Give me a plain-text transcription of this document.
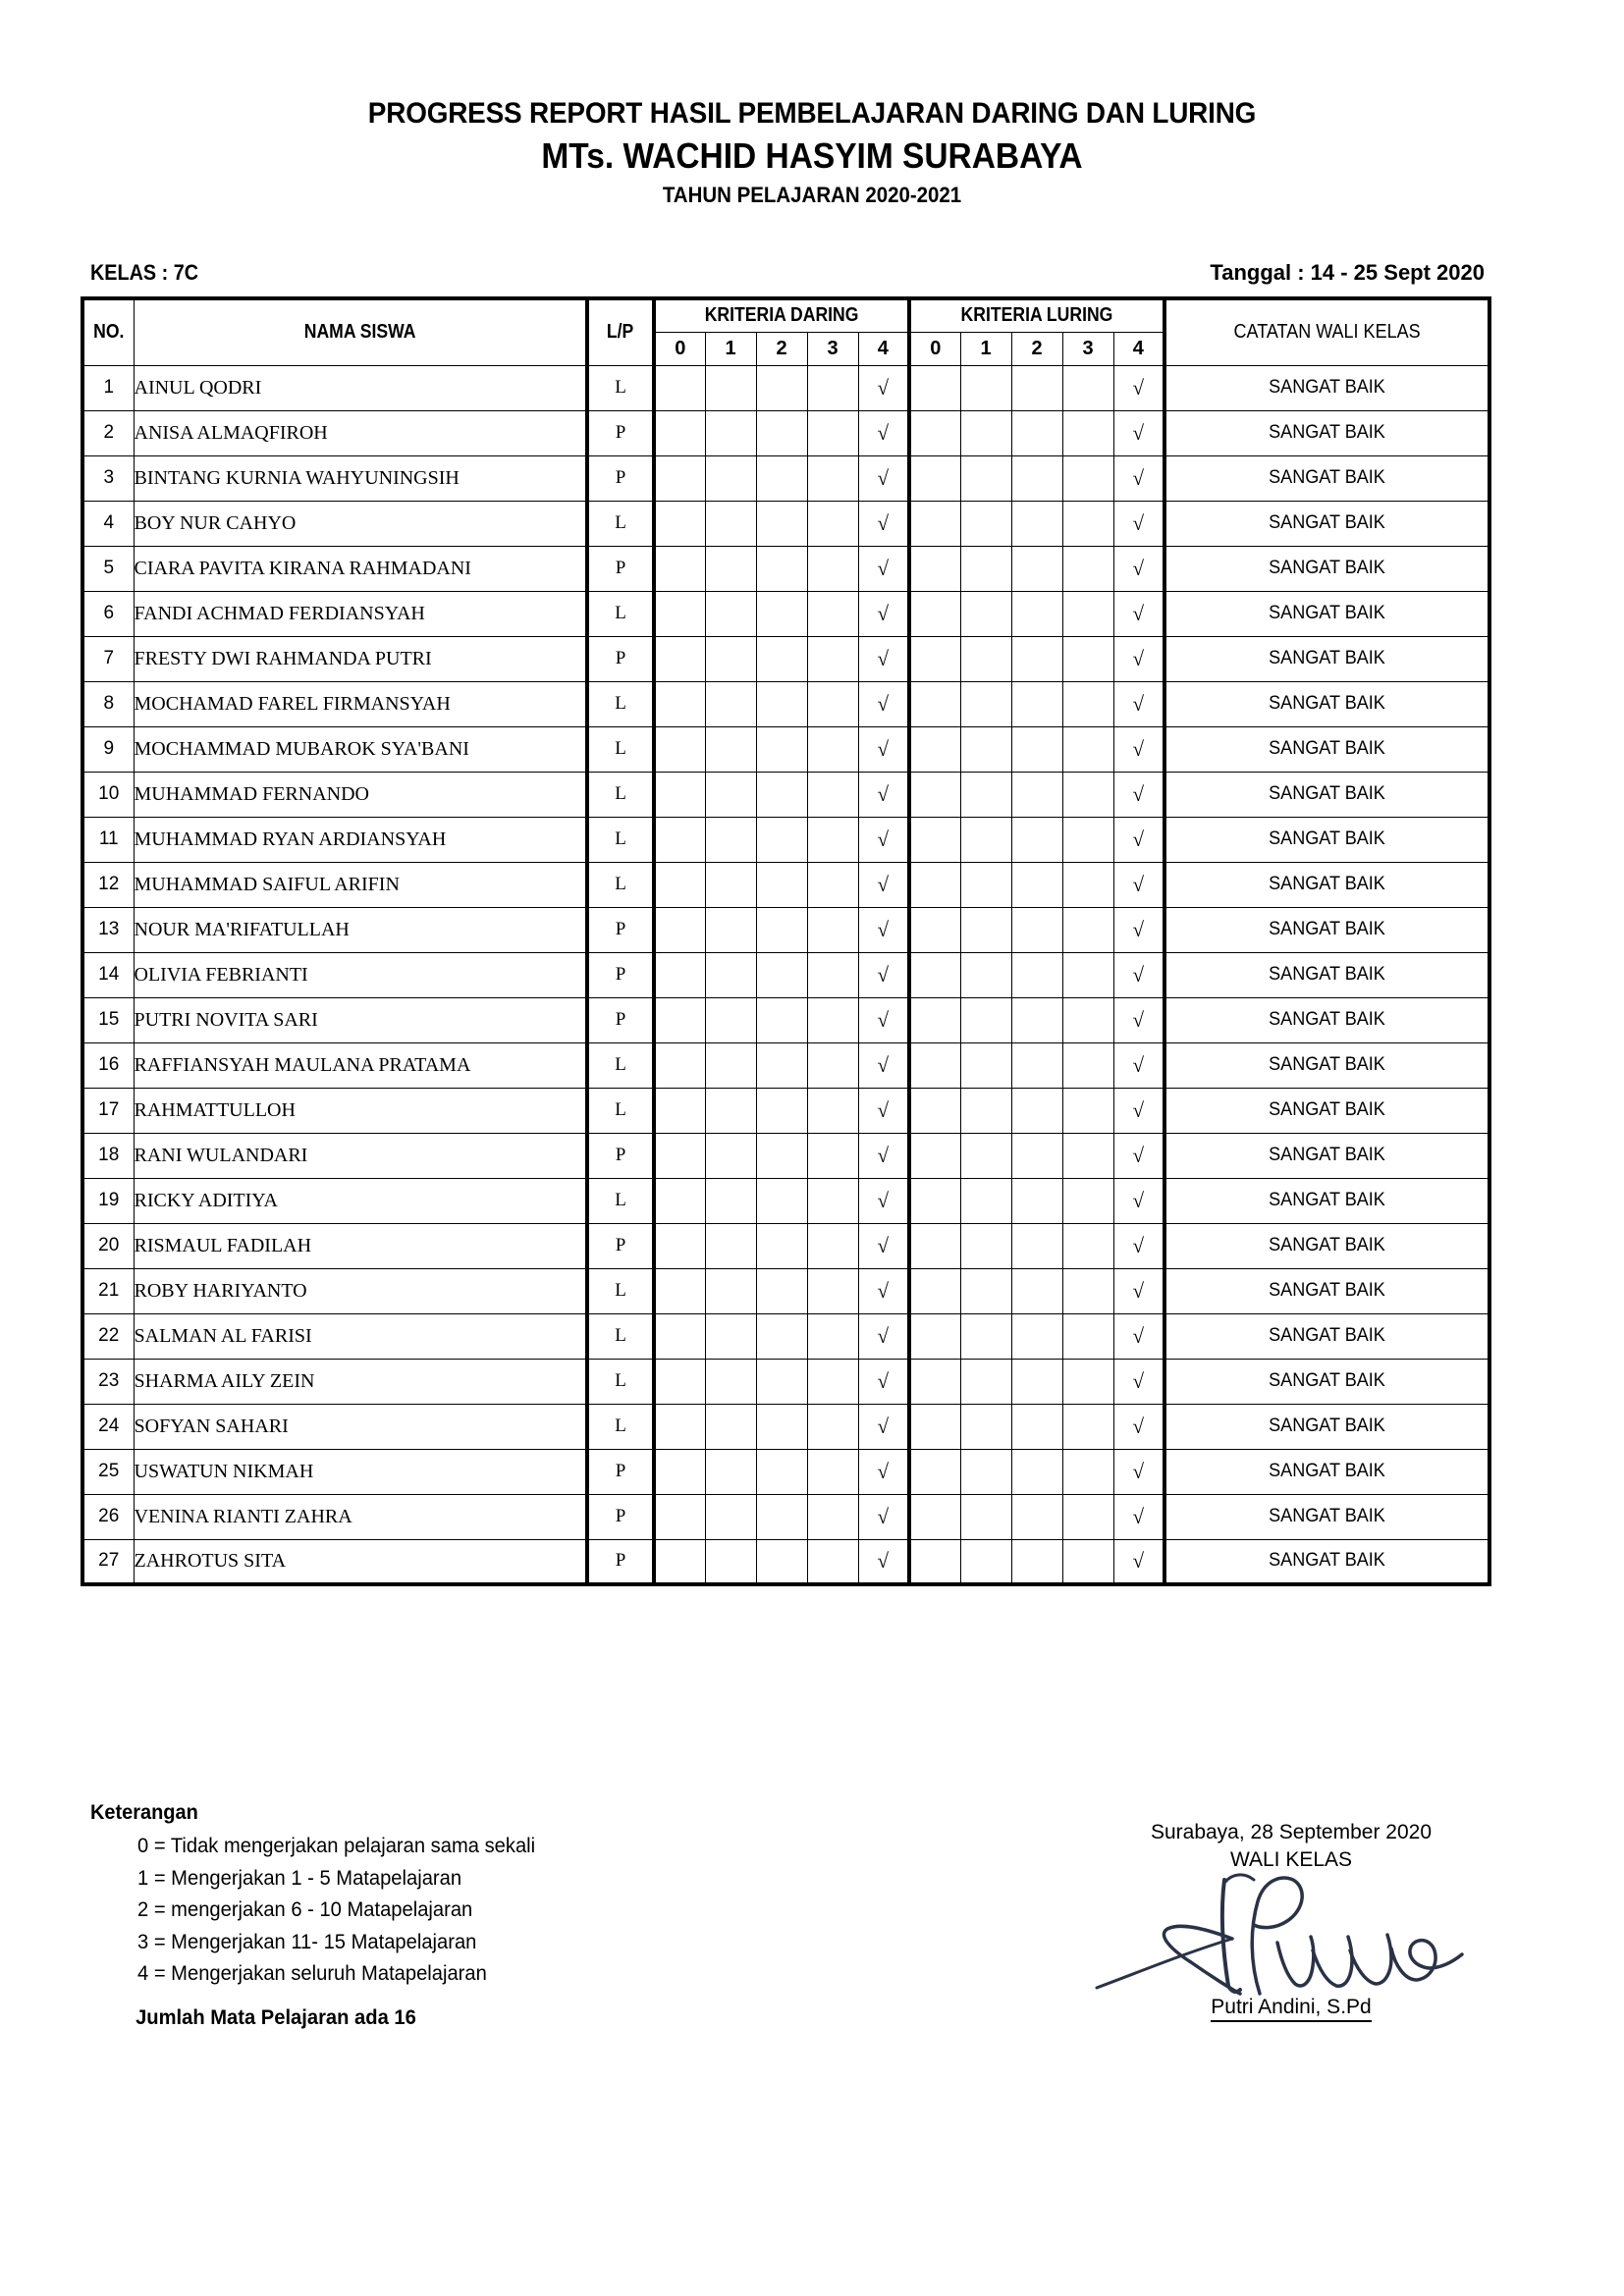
PROGRESS REPORT HASIL PEMBELAJARAN DARING DAN LURING
MTs. WACHID HASYIM SURABAYA
TAHUN PELAJARAN 2020-2021
KELAS : 7C	Tanggal : 14 - 25 Sept 2020
NO.	NAMA SISWA	L/P	KRITERIA DARING					KRITERIA LURING					CATATAN WALI KELAS
			0	1	2	3	4	0	1	2	3	4	
1	AINUL QODRI	L					√					√	SANGAT BAIK
2	ANISA ALMAQFIROH	P					√					√	SANGAT BAIK
3	BINTANG KURNIA WAHYUNINGSIH	P					√					√	SANGAT BAIK
4	BOY NUR CAHYO	L					√					√	SANGAT BAIK
5	CIARA PAVITA KIRANA RAHMADANI	P					√					√	SANGAT BAIK
6	FANDI ACHMAD FERDIANSYAH	L					√					√	SANGAT BAIK
7	FRESTY DWI RAHMANDA PUTRI	P					√					√	SANGAT BAIK
8	MOCHAMAD FAREL FIRMANSYAH	L					√					√	SANGAT BAIK
9	MOCHAMMAD MUBAROK SYA'BANI	L					√					√	SANGAT BAIK
10	MUHAMMAD FERNANDO	L					√					√	SANGAT BAIK
11	MUHAMMAD RYAN ARDIANSYAH	L					√					√	SANGAT BAIK
12	MUHAMMAD SAIFUL ARIFIN	L					√					√	SANGAT BAIK
13	NOUR MA'RIFATULLAH	P					√					√	SANGAT BAIK
14	OLIVIA FEBRIANTI	P					√					√	SANGAT BAIK
15	PUTRI NOVITA SARI	P					√					√	SANGAT BAIK
16	RAFFIANSYAH MAULANA PRATAMA	L					√					√	SANGAT BAIK
17	RAHMATTULLOH	L					√					√	SANGAT BAIK
18	RANI WULANDARI	P					√					√	SANGAT BAIK
19	RICKY ADITIYA	L					√					√	SANGAT BAIK
20	RISMAUL FADILAH	P					√					√	SANGAT BAIK
21	ROBY HARIYANTO	L					√					√	SANGAT BAIK
22	SALMAN AL FARISI	L					√					√	SANGAT BAIK
23	SHARMA AILY ZEIN	L					√					√	SANGAT BAIK
24	SOFYAN SAHARI	L					√					√	SANGAT BAIK
25	USWATUN NIKMAH	P					√					√	SANGAT BAIK
26	VENINA RIANTI ZAHRA	P					√					√	SANGAT BAIK
27	ZAHROTUS SITA	P					√					√	SANGAT BAIK
Keterangan
0 = Tidak mengerjakan pelajaran sama sekali
1 = Mengerjakan 1 - 5 Matapelajaran
2 = mengerjakan 6 - 10 Matapelajaran
3 = Mengerjakan 11- 15 Matapelajaran
4 = Mengerjakan seluruh Matapelajaran
Jumlah Mata Pelajaran ada 16
Surabaya, 28 September 2020
WALI KELAS
Putri Andini, S.Pd
